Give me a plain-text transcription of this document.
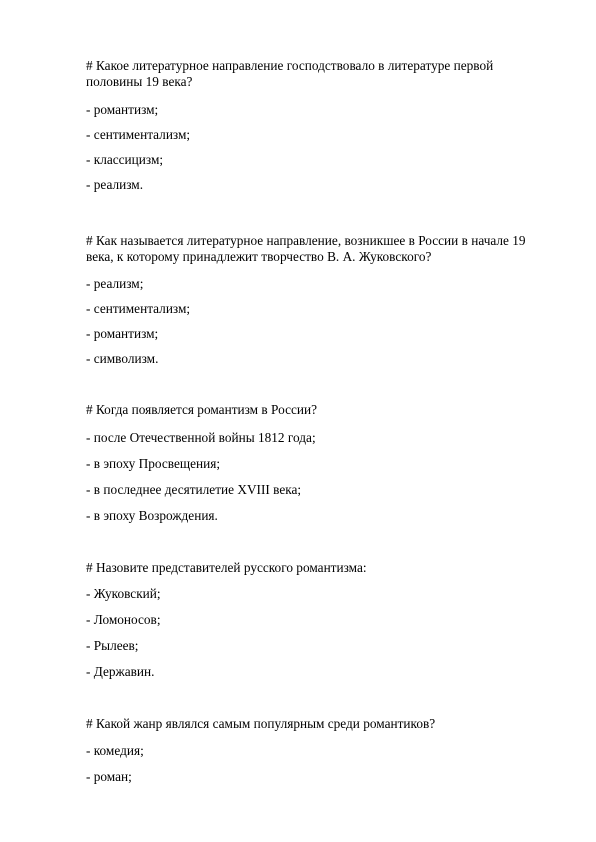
# Какое литературное направление господствовало в литературе первой половины 19 века?
- романтизм;
- сентиментализм;
- классицизм;
- реализм.
# Как называется литературное направление, возникшее в России в начале 19 века, к которому принадлежит творчество В. А. Жуковского?
- реализм;
- сентиментализм;
- романтизм;
- символизм.
# Когда появляется романтизм в России?
- после Отечественной войны 1812 года;
- в эпоху Просвещения;
- в последнее десятилетие XVIII века;
- в эпоху Возрождения.
# Назовите представителей русского романтизма:
- Жуковский;
- Ломоносов;
- Рылеев;
- Державин.
# Какой жанр являлся самым популярным среди романтиков?
- комедия;
- роман;
